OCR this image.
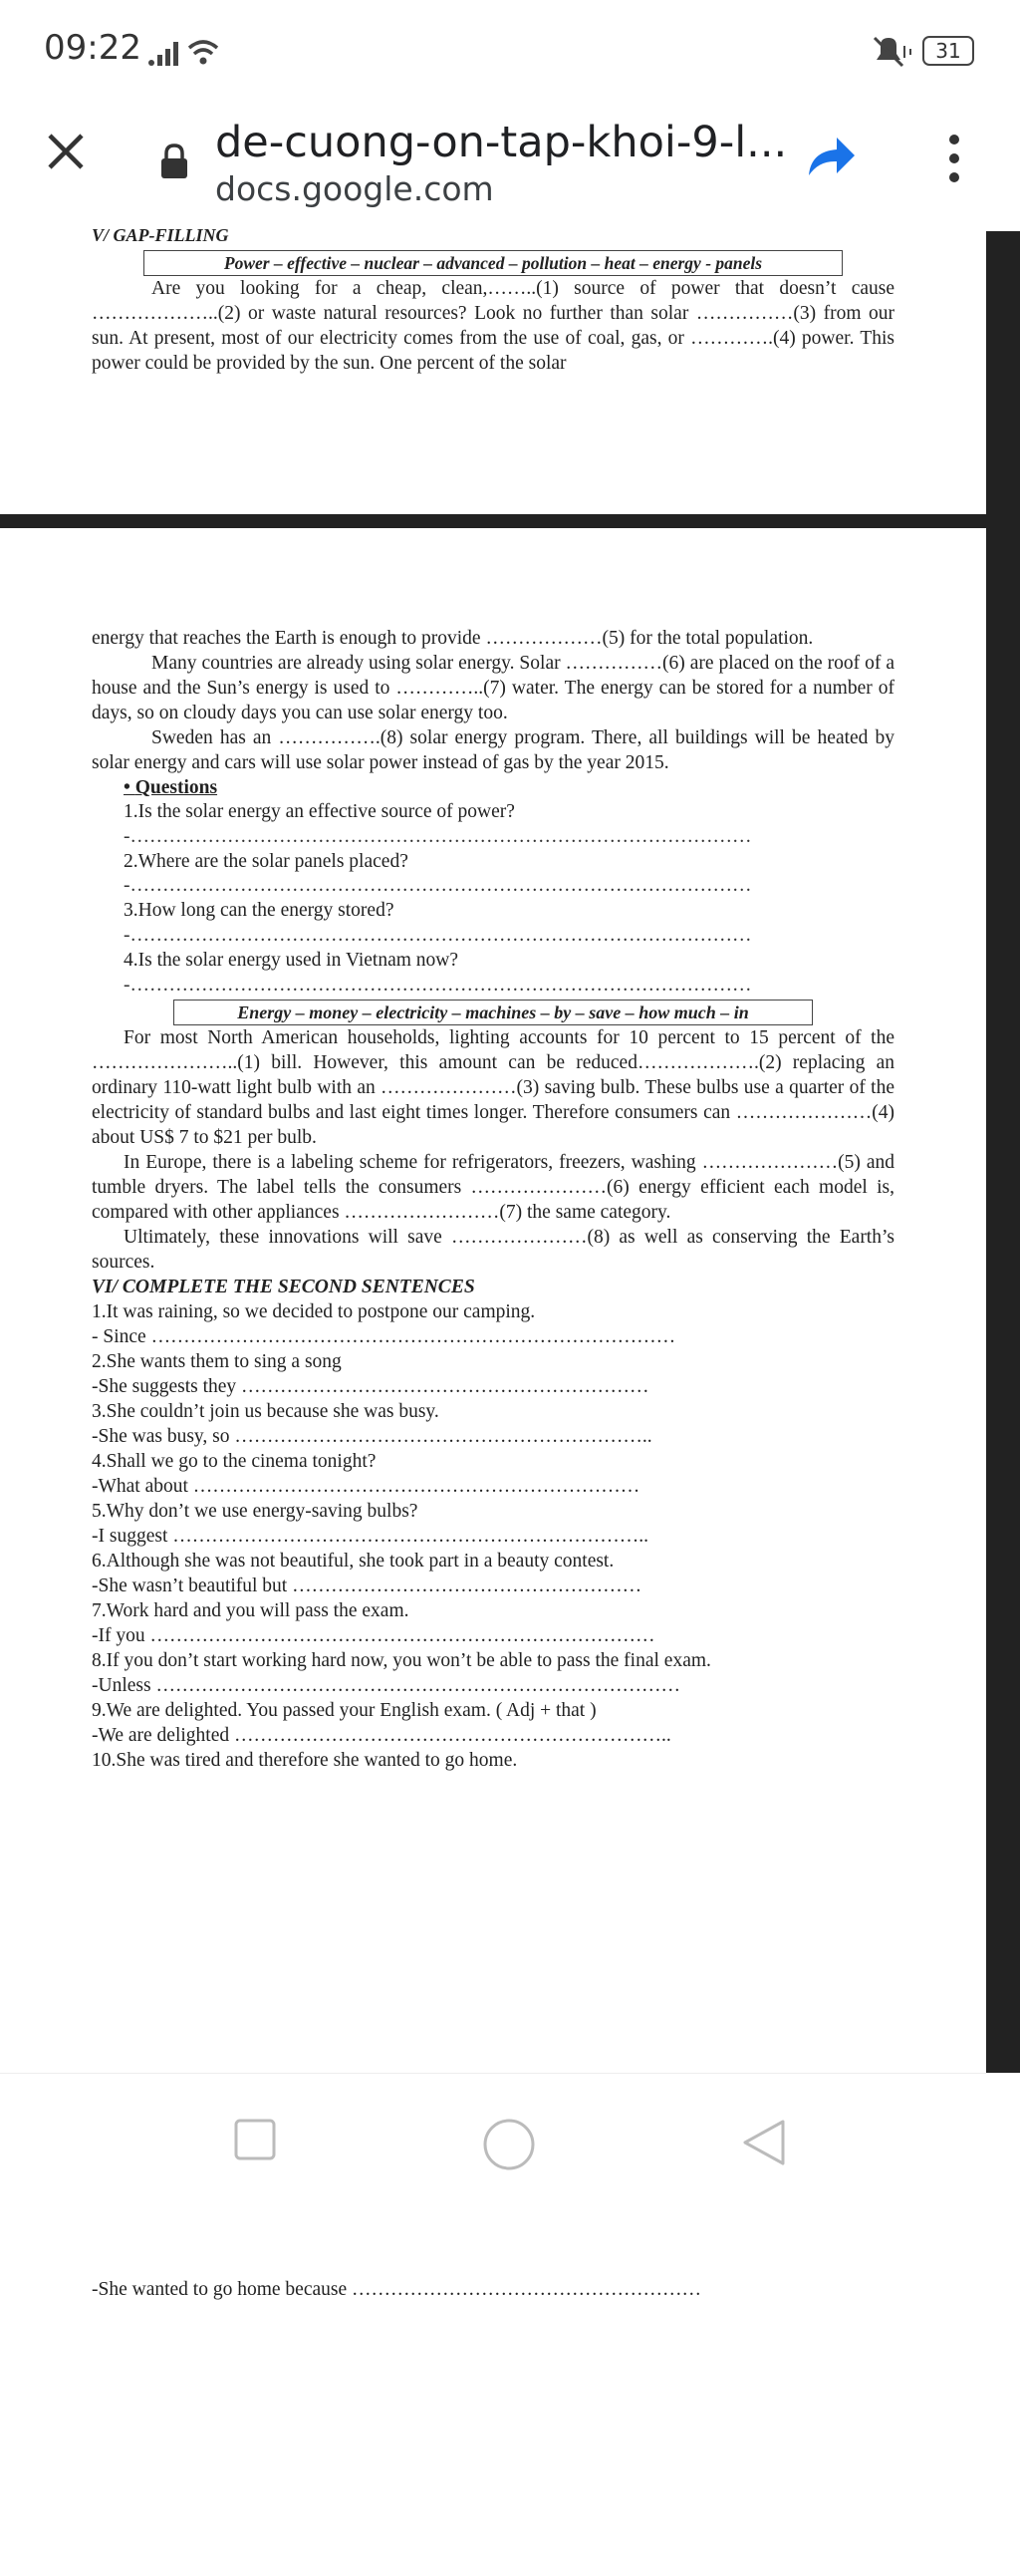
09:22	31
de-cuong-on-tap-khoi-9-l...
docs.google.com
V/ GAP-FILLING
Power – effective – nuclear – advanced – pollution – heat – energy - panels

Are you looking for a cheap, clean,……..(1) source of power that doesn’t cause ………………..(2) or waste natural resources? Look no further than solar ……………(3) from our sun. At present, most of our electricity comes from the use of coal, gas, or ………….(4) power. This power could be provided by the sun. One percent of the solar

energy that reaches the Earth is enough to provide ………………(5) for the total population.

Many countries are already using solar energy. Solar ……………(6) are placed on the roof of a house and the Sun’s energy is used to …………..(7) water. The energy can be stored for a number of days, so on cloudy days you can use solar energy too.

Sweden has an …………….(8) solar energy program. There, all buildings will be heated by solar energy and cars will use solar power instead of gas by the year 2015.

• Questions
1.Is the solar energy an effective source of power?
-……………………………………………………………………………………
2.Where are the solar panels placed?
-……………………………………………………………………………………
3.How long can the energy stored?
-……………………………………………………………………………………
4.Is the solar energy used in Vietnam now?
-……………………………………………………………………………………
Energy – money – electricity – machines – by – save – how much – in

For most North American households, lighting accounts for 10 percent to 15 percent of the …………………..(1) bill. However, this amount can be reduced……………….(2) replacing an ordinary 110-watt light bulb with an …………………(3) saving bulb. These bulbs use a quarter of the electricity of standard bulbs and last eight times longer. Therefore consumers can …………………(4) about US$ 7 to $21 per bulb.

In Europe, there is a labeling scheme for refrigerators, freezers, washing …………………(5) and tumble dryers. The label tells the consumers …………………(6) energy efficient each model is, compared with other appliances ……………………(7) the same category.

Ultimately, these innovations will save …………………(8) as well as conserving the Earth’s sources.

VI/ COMPLETE THE SECOND SENTENCES
1.It was raining, so we decided to postpone our camping.
- Since ………………………………………………………………………
2.She wants them to sing a song
-She suggests they ………………………………………………………
3.She couldn’t join us because she was busy.
-She was busy, so ………………………………………………………..
4.Shall we go to the cinema tonight?
-What about ……………………………………………………………
5.Why don’t we use energy-saving bulbs?
-I suggest ………………………………………………………………..
6.Although she was not beautiful, she took part in a beauty contest.
-She wasn’t beautiful but ………………………………………………
7.Work hard and you will pass the exam.
-If you ……………………………………………………………………
8.If you don’t start working hard now, you won’t be able to pass the final exam.
-Unless ………………………………………………………………………
9.We are delighted. You passed your English exam. ( Adj + that )
-We are delighted …………………………………………………………..
10.She was tired and therefore she wanted to go home.
-She wanted to go home because ………………………………………………
